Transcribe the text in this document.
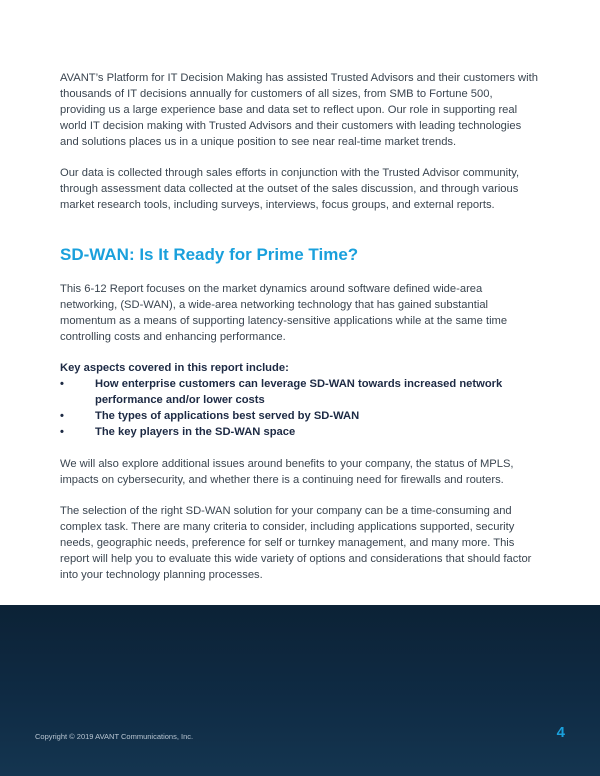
AVANT’s Platform for IT Decision Making has assisted Trusted Advisors and their customers with thousands of IT decisions annually for customers of all sizes, from SMB to Fortune 500, providing us a large experience base and data set to reflect upon. Our role in supporting real world IT decision making with Trusted Advisors and their customers with leading technologies and solutions places us in a unique position to see near real-time market trends.

Our data is collected through sales efforts in conjunction with the Trusted Advisor community, through assessment data collected at the outset of the sales discussion, and through various market research tools, including surveys, interviews, focus groups, and external reports.

SD-WAN: Is It Ready for Prime Time?

This 6-12 Report focuses on the market dynamics around software defined wide-area networking, (SD-WAN), a wide-area networking technology that has gained substantial momentum as a means of supporting latency-sensitive applications while at the same time controlling costs and enhancing performance.

Key aspects covered in this report include:
•	How enterprise customers can leverage SD-WAN towards increased network performance and/or lower costs
•	The types of applications best served by SD-WAN
•	The key players in the SD-WAN space

We will also explore additional issues around benefits to your company, the status of MPLS, impacts on cybersecurity, and whether there is a continuing need for firewalls and routers.

The selection of the right SD-WAN solution for your company can be a time-consuming and complex task. There are many criteria to consider, including applications supported, security needs, geographic needs, preference for self or turnkey management, and many more. This report will help you to evaluate this wide variety of options and considerations that should factor into your technology planning processes.

Copyright © 2019 AVANT Communications, Inc.	4
